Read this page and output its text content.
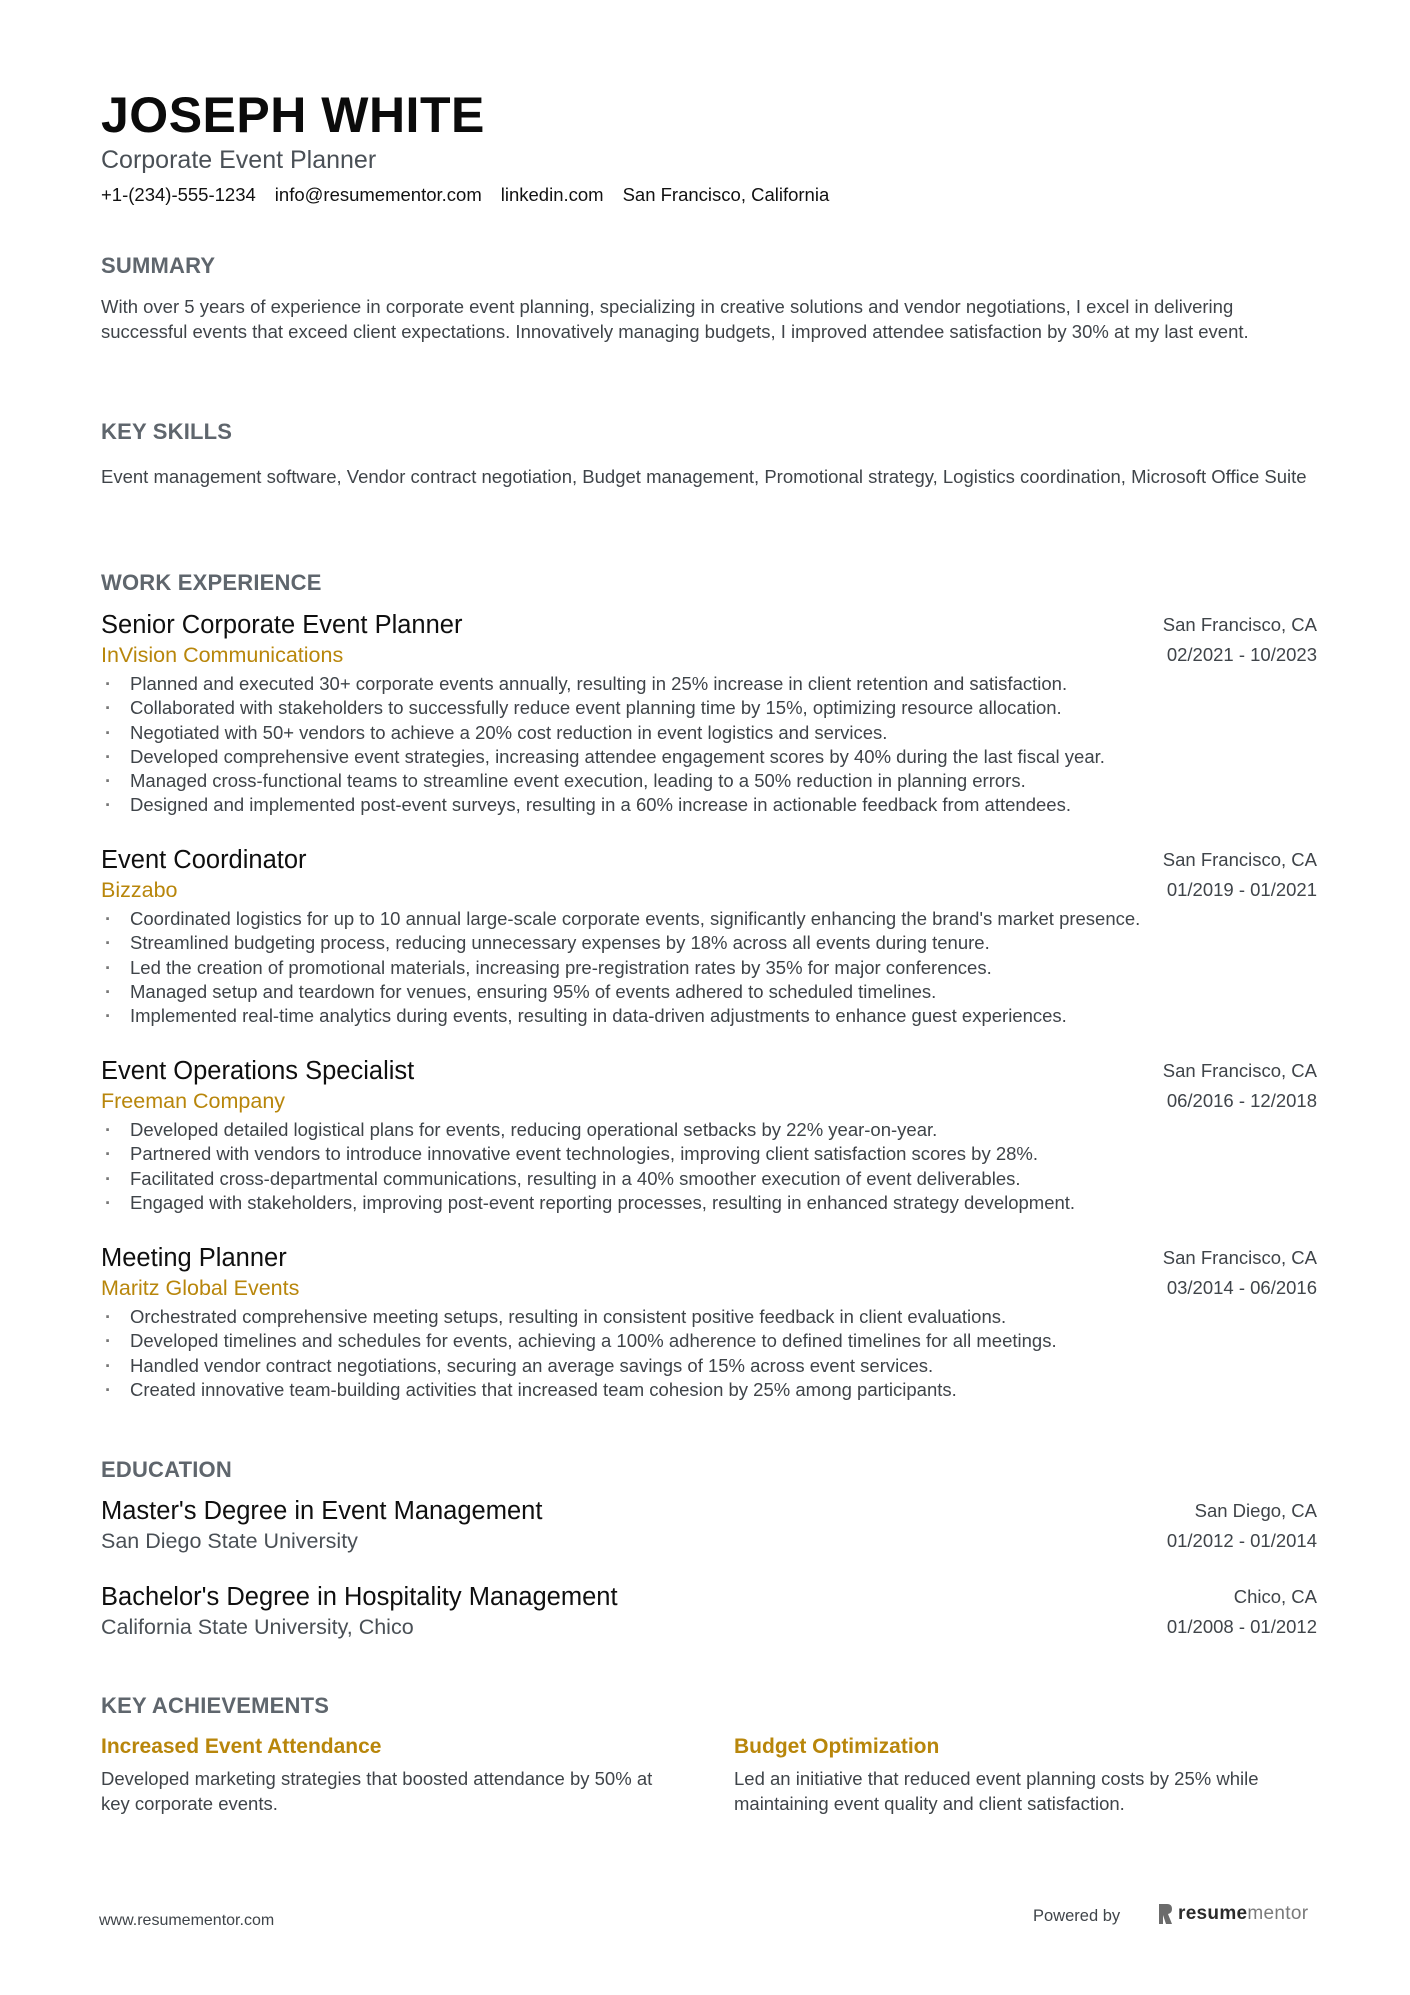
JOSEPH WHITE
Corporate Event Planner
+1-(234)-555-1234 info@resumementor.com linkedin.com San Francisco, California
SUMMARY
With over 5 years of experience in corporate event planning, specializing in creative solutions and vendor negotiations, I excel in delivering successful events that exceed client expectations. Innovatively managing budgets, I improved attendee satisfaction by 30% at my last event.
KEY SKILLS
Event management software, Vendor contract negotiation, Budget management, Promotional strategy, Logistics coordination, Microsoft Office Suite
WORK EXPERIENCE
Senior Corporate Event Planner
InVision Communications
San Francisco, CA
02/2021 - 10/2023
· Planned and executed 30+ corporate events annually, resulting in 25% increase in client retention and satisfaction.
· Collaborated with stakeholders to successfully reduce event planning time by 15%, optimizing resource allocation.
· Negotiated with 50+ vendors to achieve a 20% cost reduction in event logistics and services.
· Developed comprehensive event strategies, increasing attendee engagement scores by 40% during the last fiscal year.
· Managed cross-functional teams to streamline event execution, leading to a 50% reduction in planning errors.
· Designed and implemented post-event surveys, resulting in a 60% increase in actionable feedback from attendees.
Event Coordinator
Bizzabo
San Francisco, CA
01/2019 - 01/2021
· Coordinated logistics for up to 10 annual large-scale corporate events, significantly enhancing the brand's market presence.
· Streamlined budgeting process, reducing unnecessary expenses by 18% across all events during tenure.
· Led the creation of promotional materials, increasing pre-registration rates by 35% for major conferences.
· Managed setup and teardown for venues, ensuring 95% of events adhered to scheduled timelines.
· Implemented real-time analytics during events, resulting in data-driven adjustments to enhance guest experiences.
Event Operations Specialist
Freeman Company
San Francisco, CA
06/2016 - 12/2018
· Developed detailed logistical plans for events, reducing operational setbacks by 22% year-on-year.
· Partnered with vendors to introduce innovative event technologies, improving client satisfaction scores by 28%.
· Facilitated cross-departmental communications, resulting in a 40% smoother execution of event deliverables.
· Engaged with stakeholders, improving post-event reporting processes, resulting in enhanced strategy development.
Meeting Planner
Maritz Global Events
San Francisco, CA
03/2014 - 06/2016
· Orchestrated comprehensive meeting setups, resulting in consistent positive feedback in client evaluations.
· Developed timelines and schedules for events, achieving a 100% adherence to defined timelines for all meetings.
· Handled vendor contract negotiations, securing an average savings of 15% across event services.
· Created innovative team-building activities that increased team cohesion by 25% among participants.
EDUCATION
Master's Degree in Event Management
San Diego State University
San Diego, CA
01/2012 - 01/2014
Bachelor's Degree in Hospitality Management
California State University, Chico
Chico, CA
01/2008 - 01/2012
KEY ACHIEVEMENTS
Increased Event Attendance
Developed marketing strategies that boosted attendance by 50% at key corporate events.
Budget Optimization
Led an initiative that reduced event planning costs by 25% while maintaining event quality and client satisfaction.
www.resumementor.com	Powered by	resumementor
